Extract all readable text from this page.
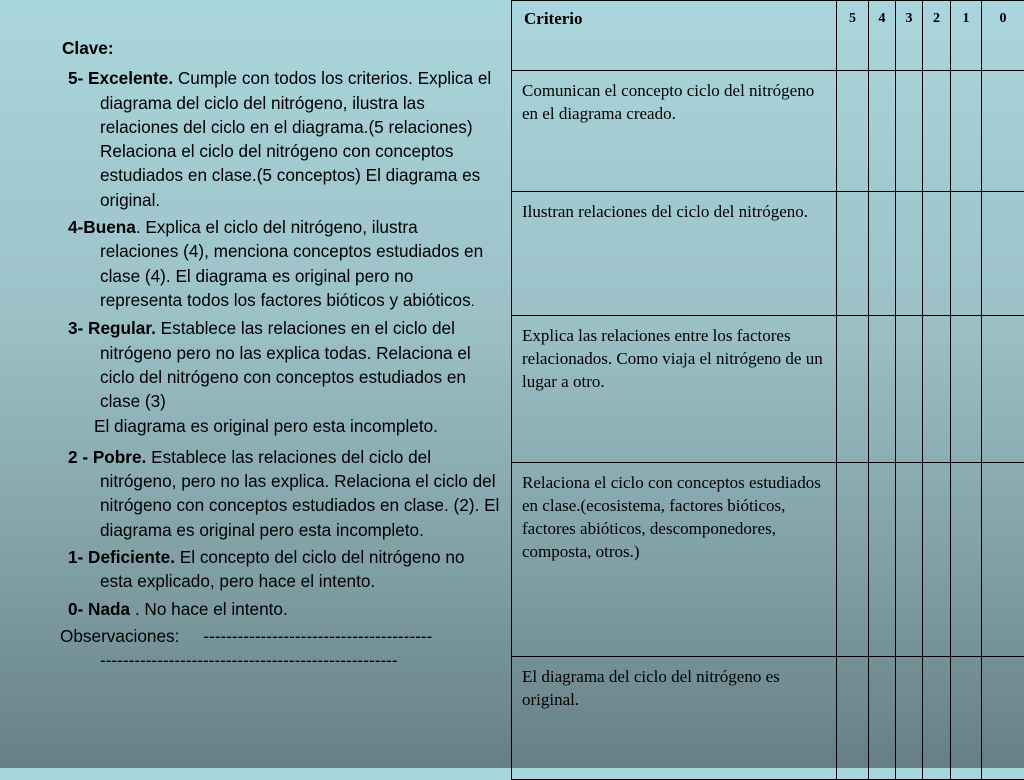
Clave:

5- Excelente. Cumple con todos los criterios. Explica el diagrama del ciclo del nitrógeno, ilustra las relaciones del ciclo en el diagrama.(5 relaciones) Relaciona el ciclo del nitrógeno con conceptos estudiados en clase.(5 conceptos) El diagrama es original.

4-Buena. Explica el ciclo del nitrógeno, ilustra relaciones (4), menciona conceptos estudiados en clase (4). El diagrama es original pero no representa todos los factores bióticos y abióticos.

3- Regular. Establece las relaciones en el ciclo del nitrógeno pero no las explica todas. Relaciona el ciclo del nitrógeno con conceptos estudiados en clase (3)

El diagrama es original pero esta incompleto.

2 - Pobre. Establece las relaciones del ciclo del nitrógeno, pero no las explica. Relaciona el ciclo del nitrógeno con conceptos estudiados en clase. (2). El diagrama es original pero esta incompleto.

1- Deficiente. El concepto del ciclo del nitrógeno no esta explicado, pero hace el intento.

0- Nada . No hace el intento.

Observaciones: ----------------------------------------

----------------------------------------------------

Criterio	5	4	3	2	1	0
Comunican el concepto ciclo del nitrógeno en el diagrama creado.						
Ilustran relaciones del ciclo del nitrógeno.						
Explica las relaciones entre los factores relacionados. Como viaja el nitrógeno de un lugar a otro.						
Relaciona el ciclo con conceptos estudiados en clase.(ecosistema, factores bióticos, factores abióticos, descomponedores, composta, otros.)						
El diagrama del ciclo del nitrógeno es original.						
